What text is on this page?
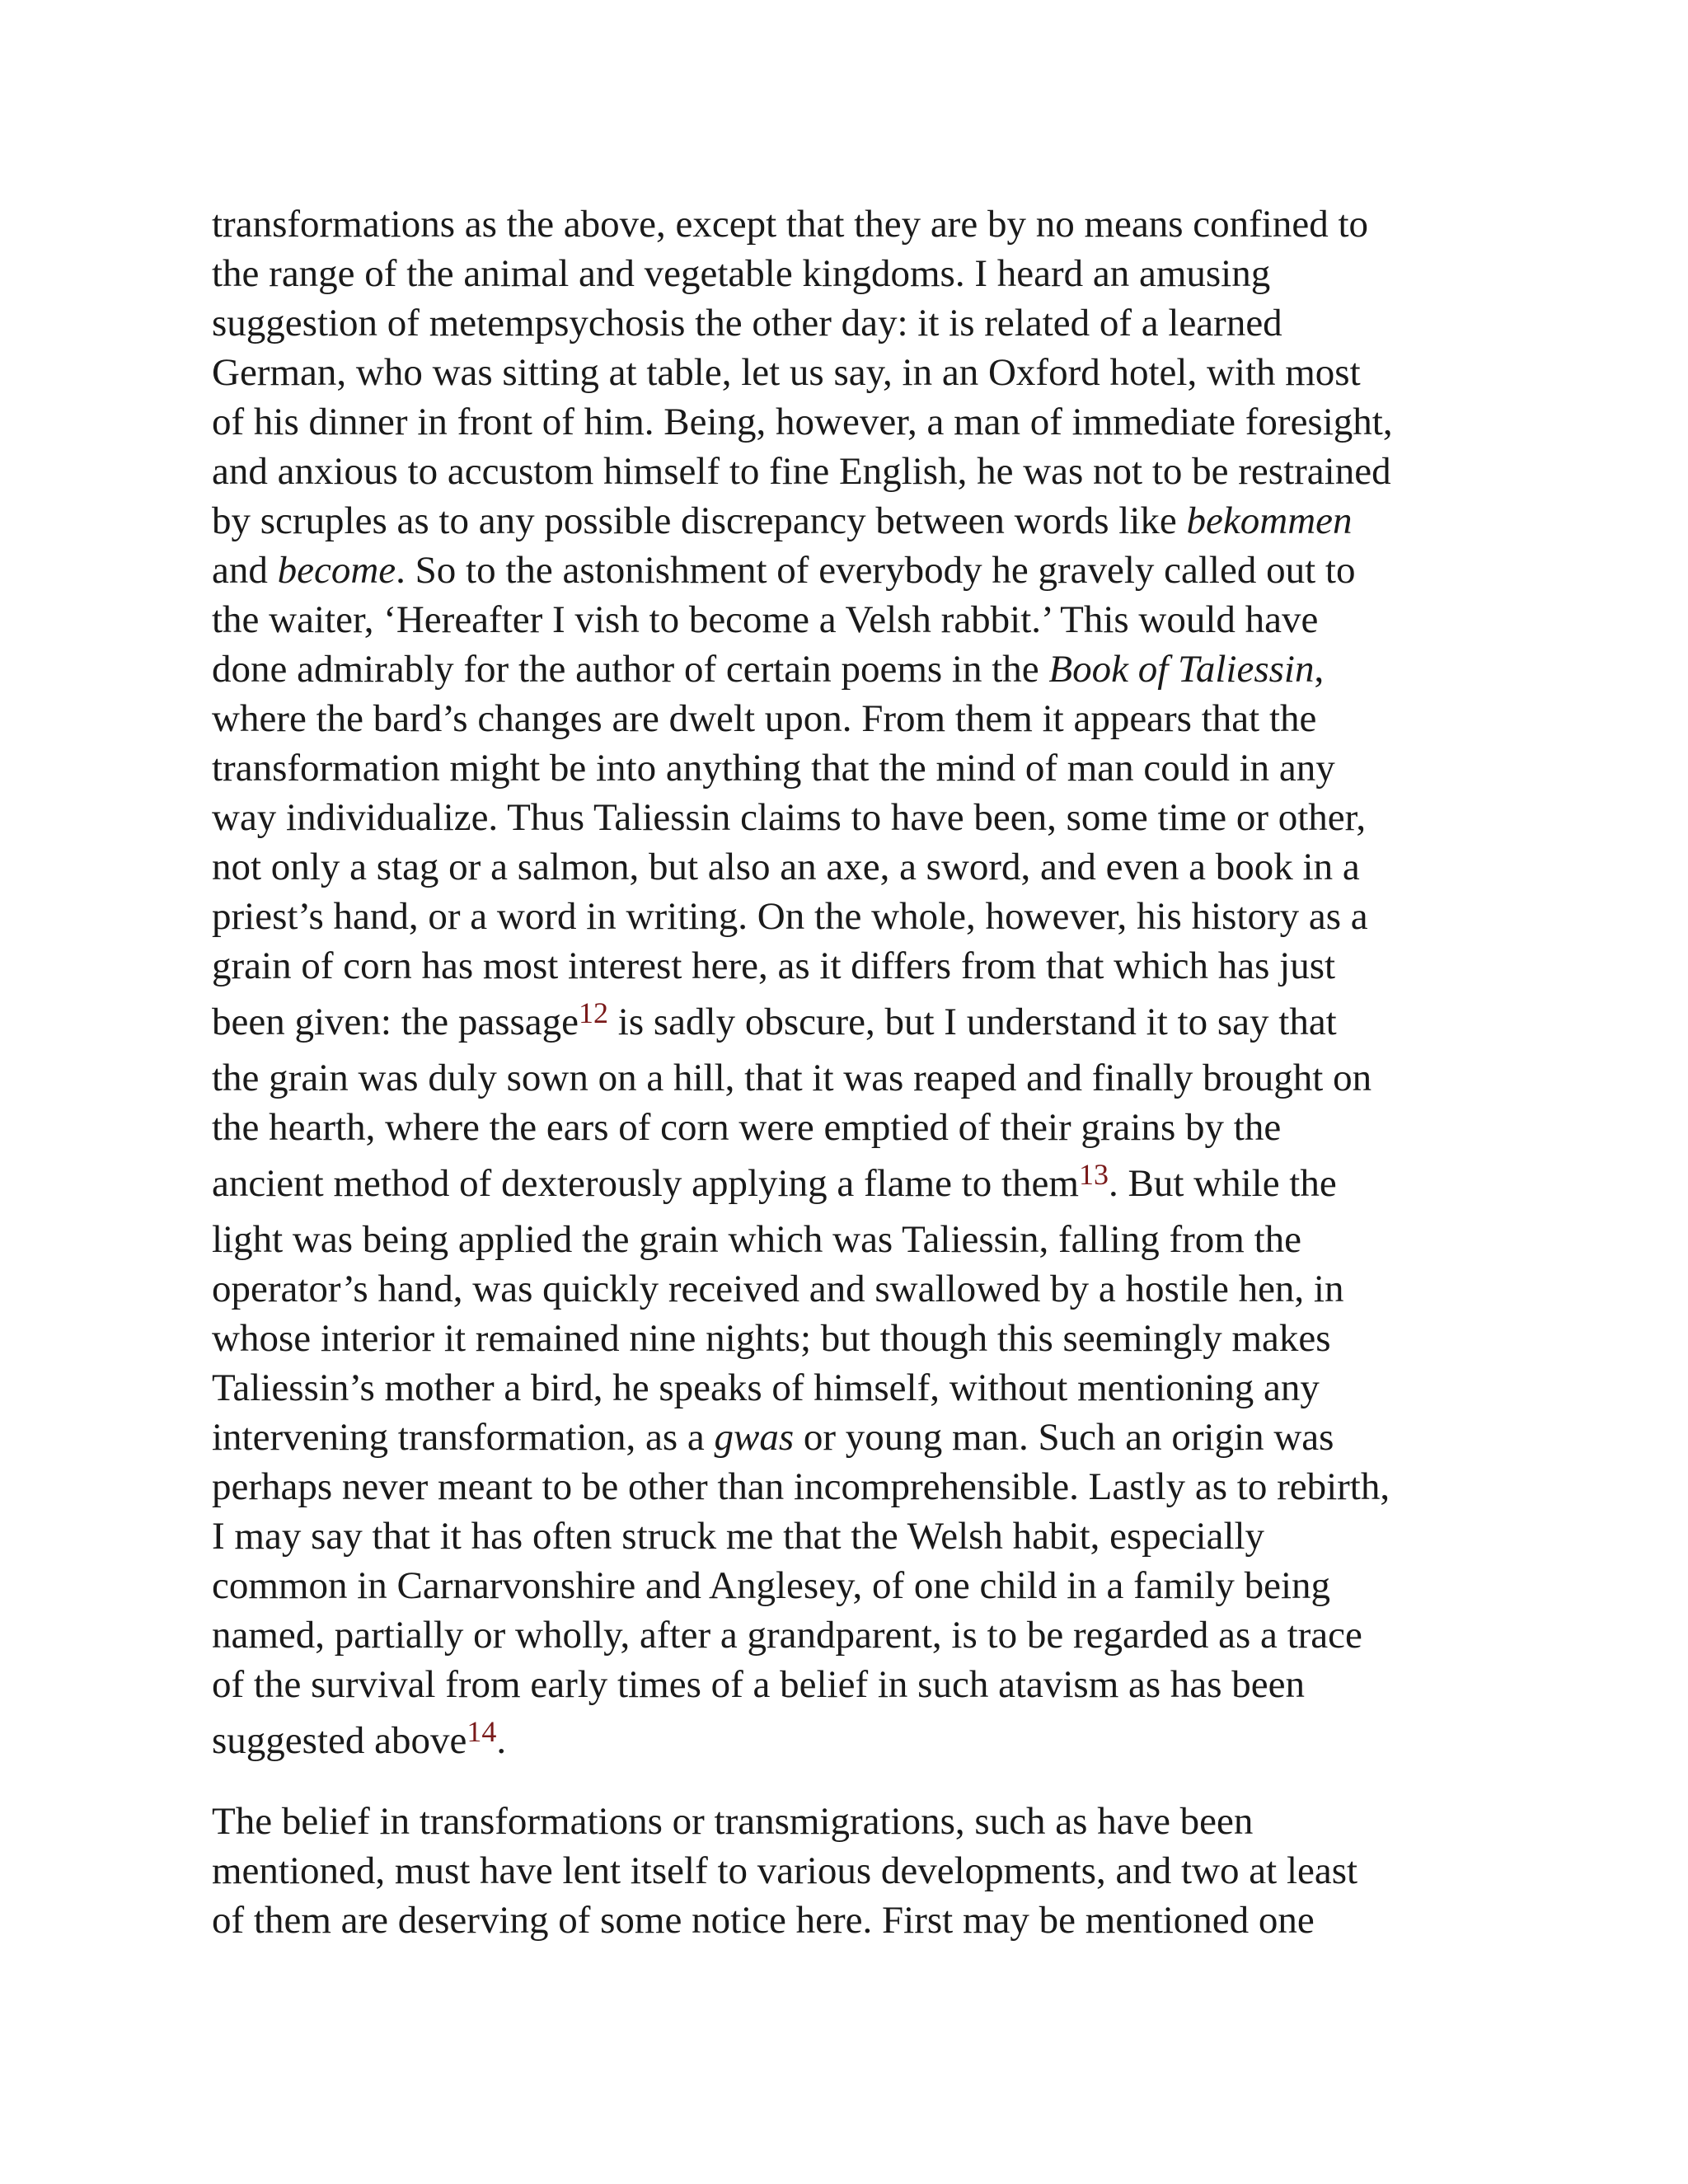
transformations as the above, except that they are by no means confined to
the range of the animal and vegetable kingdoms. I heard an amusing
suggestion of metempsychosis the other day: it is related of a learned
German, who was sitting at table, let us say, in an Oxford hotel, with most
of his dinner in front of him. Being, however, a man of immediate foresight,
and anxious to accustom himself to fine English, he was not to be restrained
by scruples as to any possible discrepancy between words like bekommen
and become. So to the astonishment of everybody he gravely called out to
the waiter, ‘Hereafter I vish to become a Velsh rabbit.’ This would have
done admirably for the author of certain poems in the Book of Taliessin,
where the bard’s changes are dwelt upon. From them it appears that the
transformation might be into anything that the mind of man could in any
way individualize. Thus Taliessin claims to have been, some time or other,
not only a stag or a salmon, but also an axe, a sword, and even a book in a
priest’s hand, or a word in writing. On the whole, however, his history as a
grain of corn has most interest here, as it differs from that which has just
been given: the passage$^{12}$ is sadly obscure, but I understand it to say that
the grain was duly sown on a hill, that it was reaped and finally brought on
the hearth, where the ears of corn were emptied of their grains by the
ancient method of dexterously applying a flame to them$^{13}$. But while the
light was being applied the grain which was Taliessin, falling from the
operator’s hand, was quickly received and swallowed by a hostile hen, in
whose interior it remained nine nights; but though this seemingly makes
Taliessin’s mother a bird, he speaks of himself, without mentioning any
intervening transformation, as a gwas or young man. Such an origin was
perhaps never meant to be other than incomprehensible. Lastly as to rebirth,
I may say that it has often struck me that the Welsh habit, especially
common in Carnarvonshire and Anglesey, of one child in a family being
named, partially or wholly, after a grandparent, is to be regarded as a trace
of the survival from early times of a belief in such atavism as has been
suggested above$^{14}$.
The belief in transformations or transmigrations, such as have been
mentioned, must have lent itself to various developments, and two at least
of them are deserving of some notice here. First may be mentioned one
